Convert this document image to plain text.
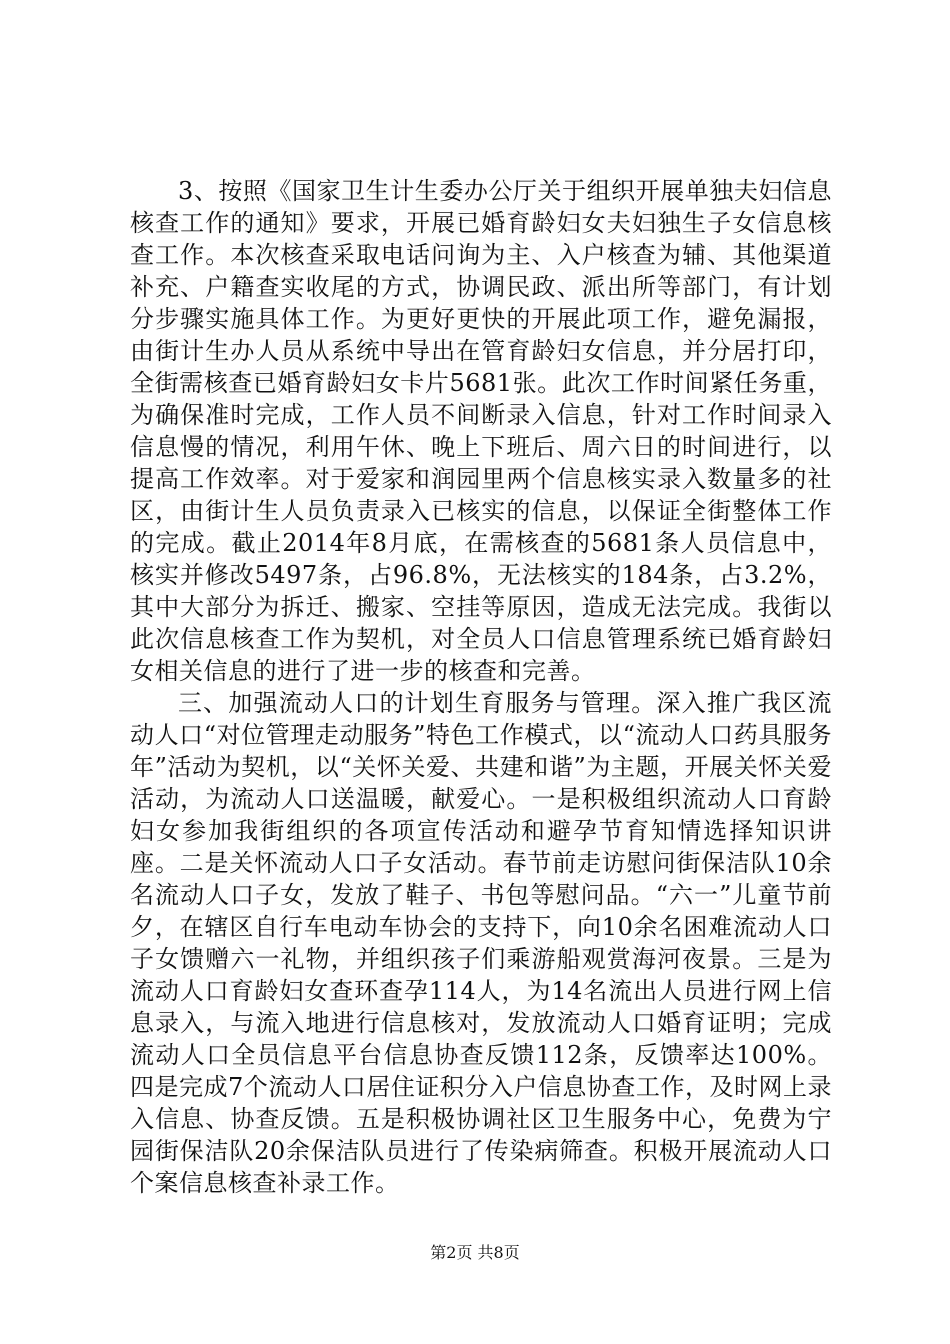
3、按照《国家卫生计生委办公厅关于组织开展单独夫妇信息核查工作的通知》要求，开展已婚育龄妇女夫妇独生子女信息核查工作。本次核查采取电话问询为主、入户核查为辅、其他渠道补充、户籍查实收尾的方式，协调民政、派出所等部门，有计划分步骤实施具体工作。为更好更快的开展此项工作，避免漏报，由街计生办人员从系统中导出在管育龄妇女信息，并分居打印，全街需核查已婚育龄妇女卡片5681张。此次工作时间紧任务重，为确保准时完成，工作人员不间断录入信息，针对工作时间录入信息慢的情况，利用午休、晚上下班后、周六日的时间进行，以提高工作效率。对于爱家和润园里两个信息核实录入数量多的社区，由街计生人员负责录入已核实的信息，以保证全街整体工作的完成。截止2014年8月底，在需核查的5681条人员信息中，核实并修改5497条，占96.8%，无法核实的184条，占3.2%，其中大部分为拆迁、搬家、空挂等原因，造成无法完成。我街以此次信息核查工作为契机，对全员人口信息管理系统已婚育龄妇女相关信息的进行了进一步的核查和完善。

三、加强流动人口的计划生育服务与管理。深入推广我区流动人口“对位管理走动服务”特色工作模式，以“流动人口药具服务年”活动为契机，以“关怀关爱、共建和谐”为主题，开展关怀关爱活动，为流动人口送温暖，献爱心。一是积极组织流动人口育龄妇女参加我街组织的各项宣传活动和避孕节育知情选择知识讲座。二是关怀流动人口子女活动。春节前走访慰问街保洁队10余名流动人口子女，发放了鞋子、书包等慰问品。“六一”儿童节前夕，在辖区自行车电动车协会的支持下，向10余名困难流动人口子女馈赠六一礼物，并组织孩子们乘游船观赏海河夜景。三是为流动人口育龄妇女查环查孕114人，为14名流出人员进行网上信息录入，与流入地进行信息核对，发放流动人口婚育证明；完成流动人口全员信息平台信息协查反馈112条，反馈率达100%。四是完成7个流动人口居住证积分入户信息协查工作，及时网上录入信息、协查反馈。五是积极协调社区卫生服务中心，免费为宁园街保洁队20余保洁队员进行了传染病筛查。积极开展流动人口个案信息核查补录工作。

第2页 共8页
